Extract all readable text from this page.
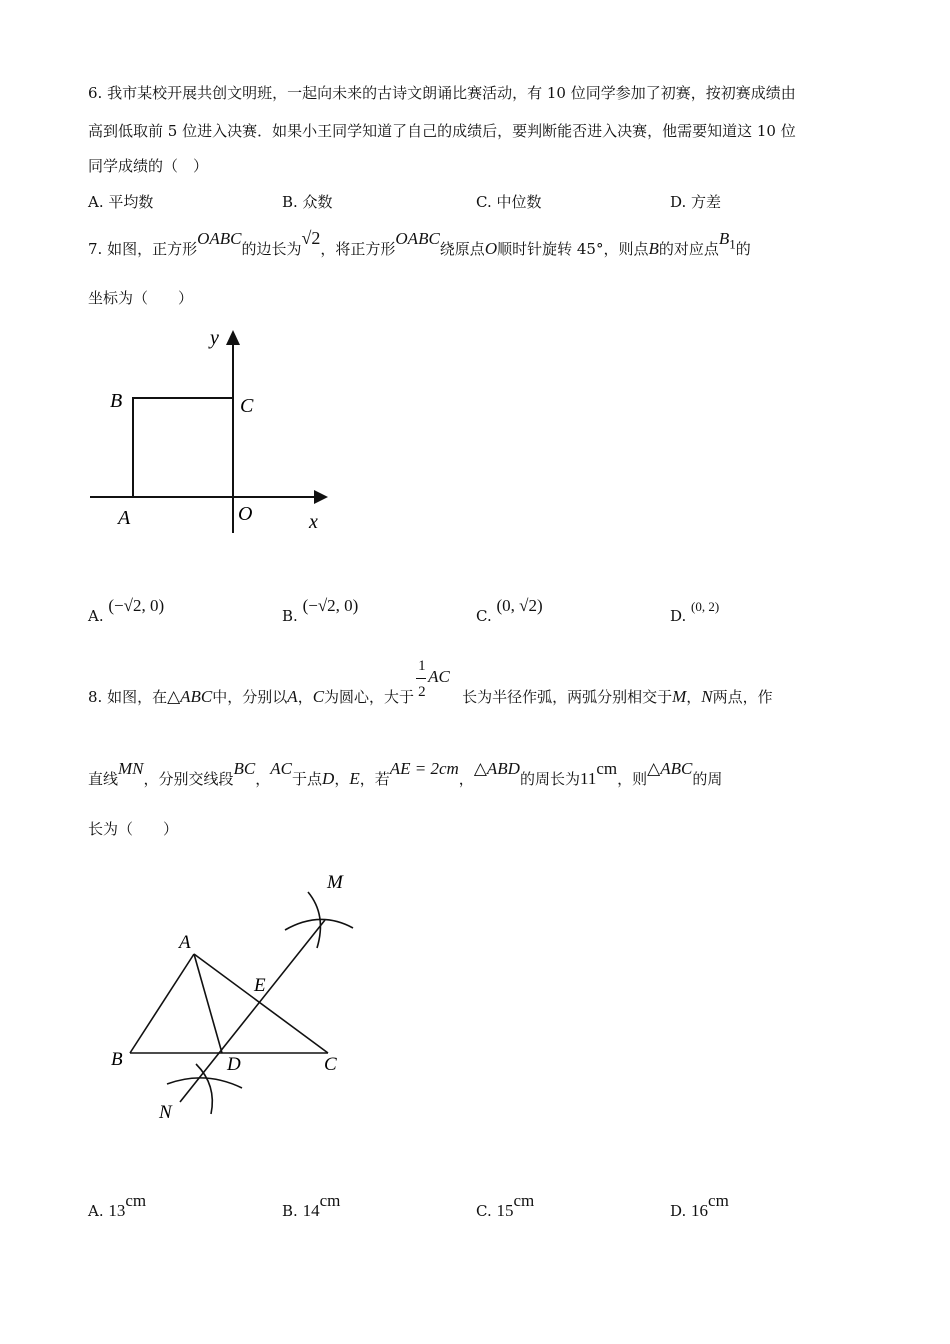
6. 我市某校开展共创文明班，一起向未来的古诗文朗诵比赛活动，有 10 位同学参加了初赛，按初赛成绩由
高到低取前 5 位进入决赛．如果小王同学知道了自己的成绩后，要判断能否进入决赛，他需要知道这 10 位
同学成绩的（　）
A. 平均数	B. 众数	C. 中位数	D. 方差
7. 如图，正方形OABC的边长为√2，将正方形OABC绕原点O顺时针旋转 45°，则点B的对应点$B_1$的
坐标为（　　）
y
x
B	C
A	O
A. (−√2, 0)
B. (−√2, 0)
C. (0, √2)
D. (0, 2)
8. 如图，在△ABC中，分别以A，C为圆心，大于
1
2
AC
长为半径作弧，两弧分别相交于M，N两点，作
直线MN，分别交线段BC，AC于点D，E，若AE = 2cm，△ABD的周长为11cm，则△ABC的周
长为（　　）
M
A
E
B	D	C
N
A. 13cm
B. 14cm
C. 15cm
D. 16cm
